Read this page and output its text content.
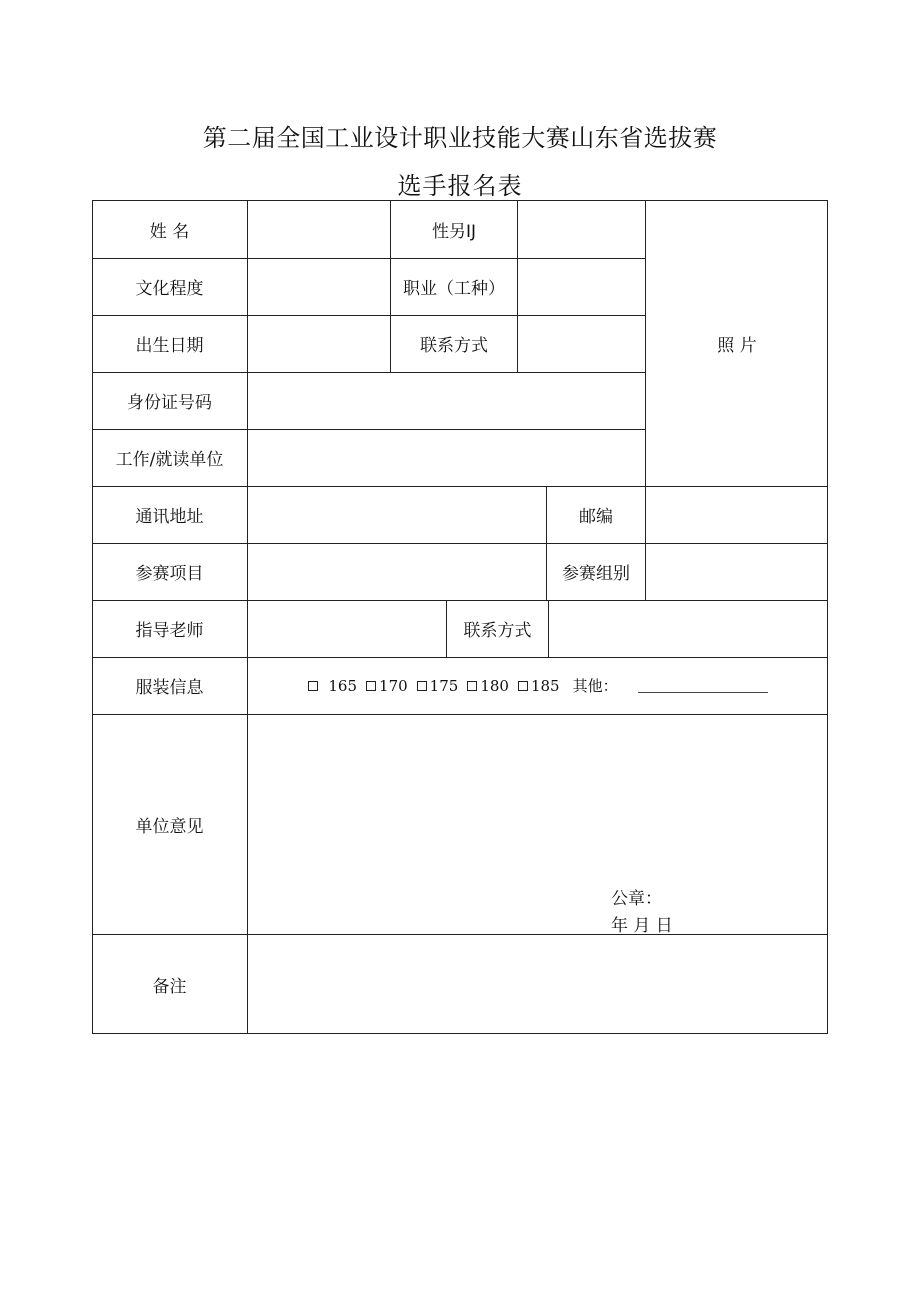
第二届全国工业设计职业技能大赛山东省选拔赛
选手报名表
姓 名	性另IJ
照 片
文化程度	职业（工种）
出生日期	联系方式
身份证号码
工作/就读单位
通讯地址	邮编
参赛项目	参赛组别
指导老师	联系方式
服装信息	165 170 175 180 185 其他：
单位意见
公章：
年 月 日
备注
